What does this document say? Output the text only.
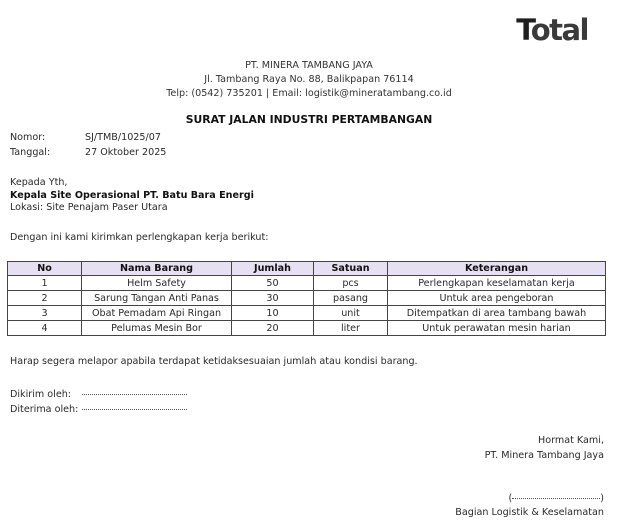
Total
PT. MINERA TAMBANG JAYA
Jl. Tambang Raya No. 88, Balikpapan 76114
Telp: (0542) 735201 | Email: logistik@mineratambang.co.id
SURAT JALAN INDUSTRI PERTAMBANGAN
Nomor:	SJ/TMB/1025/07
Tanggal:	27 Oktober 2025
Kepada Yth,
Kepala Site Operasional PT. Batu Bara Energi
Lokasi: Site Penajam Paser Utara
Dengan ini kami kirimkan perlengkapan kerja berikut:
No	Nama Barang	Jumlah	Satuan	Keterangan
1	Helm Safety	50	pcs	Perlengkapan keselamatan kerja
2	Sarung Tangan Anti Panas	30	pasang	Untuk area pengeboran
3	Obat Pemadam Api Ringan	10	unit	Ditempatkan di area tambang bawah
4	Pelumas Mesin Bor	20	liter	Untuk perawatan mesin harian
Harap segera melapor apabila terdapat ketidaksesuaian jumlah atau kondisi barang.
Dikirim oleh:
Diterima oleh:
Hormat Kami,
PT. Minera Tambang Jaya
(	)
Bagian Logistik & Keselamatan
